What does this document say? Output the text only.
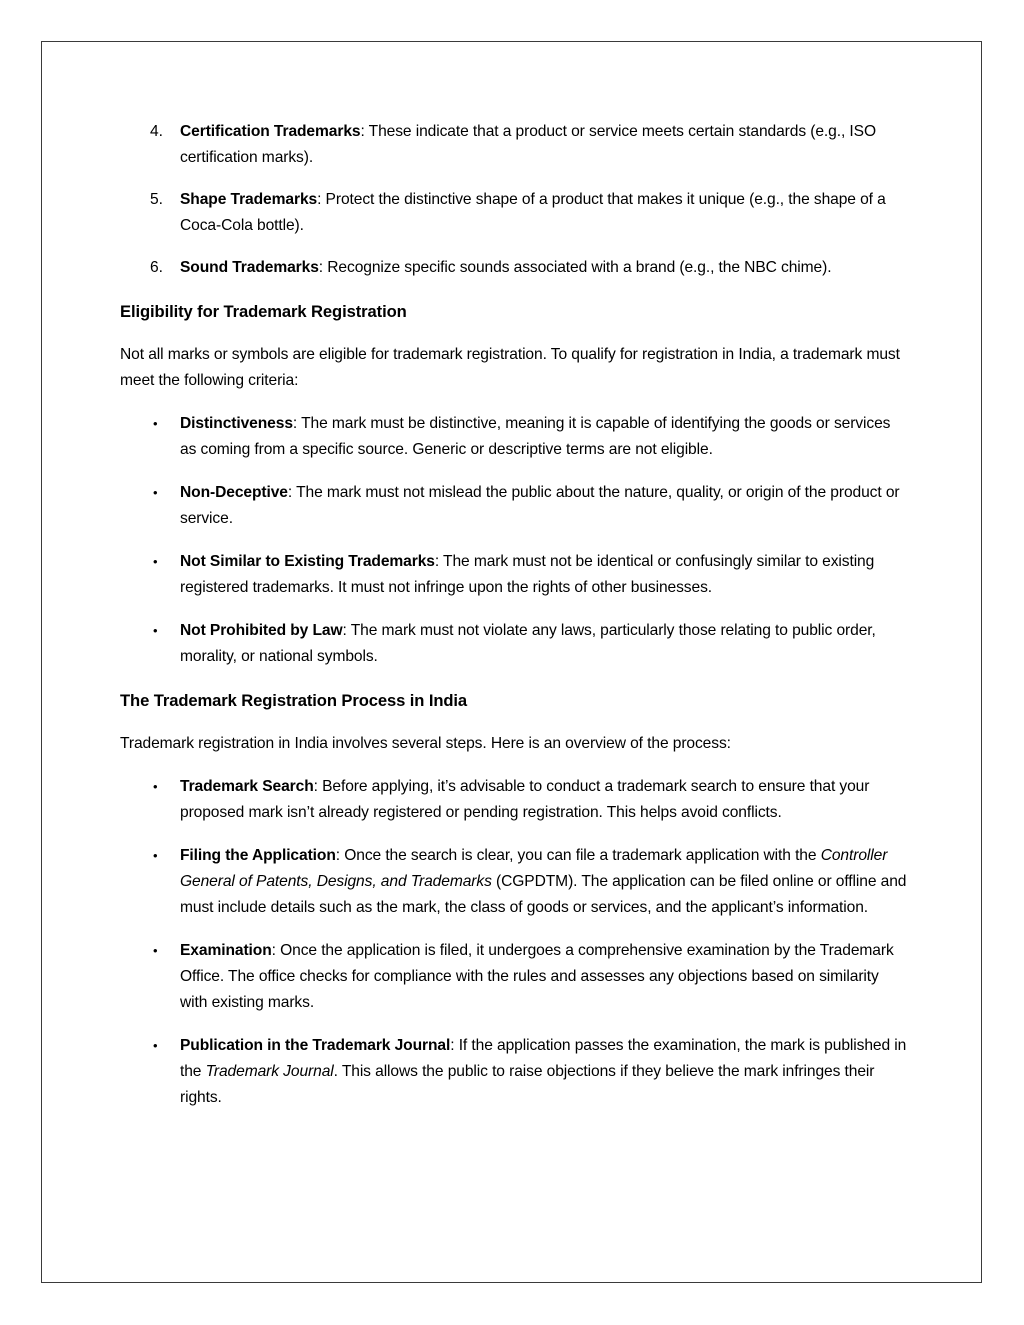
4. Certification Trademarks: These indicate that a product or service meets certain standards (e.g., ISO certification marks).

5. Shape Trademarks: Protect the distinctive shape of a product that makes it unique (e.g., the shape of a Coca-Cola bottle).

6. Sound Trademarks: Recognize specific sounds associated with a brand (e.g., the NBC chime).

Eligibility for Trademark Registration

Not all marks or symbols are eligible for trademark registration. To qualify for registration in India, a trademark must meet the following criteria:

• Distinctiveness: The mark must be distinctive, meaning it is capable of identifying the goods or services as coming from a specific source. Generic or descriptive terms are not eligible.

• Non-Deceptive: The mark must not mislead the public about the nature, quality, or origin of the product or service.

• Not Similar to Existing Trademarks: The mark must not be identical or confusingly similar to existing registered trademarks. It must not infringe upon the rights of other businesses.

• Not Prohibited by Law: The mark must not violate any laws, particularly those relating to public order, morality, or national symbols.

The Trademark Registration Process in India

Trademark registration in India involves several steps. Here is an overview of the process:

• Trademark Search: Before applying, it’s advisable to conduct a trademark search to ensure that your proposed mark isn’t already registered or pending registration. This helps avoid conflicts.

• Filing the Application: Once the search is clear, you can file a trademark application with the Controller General of Patents, Designs, and Trademarks (CGPDTM). The application can be filed online or offline and must include details such as the mark, the class of goods or services, and the applicant’s information.

• Examination: Once the application is filed, it undergoes a comprehensive examination by the Trademark Office. The office checks for compliance with the rules and assesses any objections based on similarity with existing marks.

• Publication in the Trademark Journal: If the application passes the examination, the mark is published in the Trademark Journal. This allows the public to raise objections if they believe the mark infringes their rights.
